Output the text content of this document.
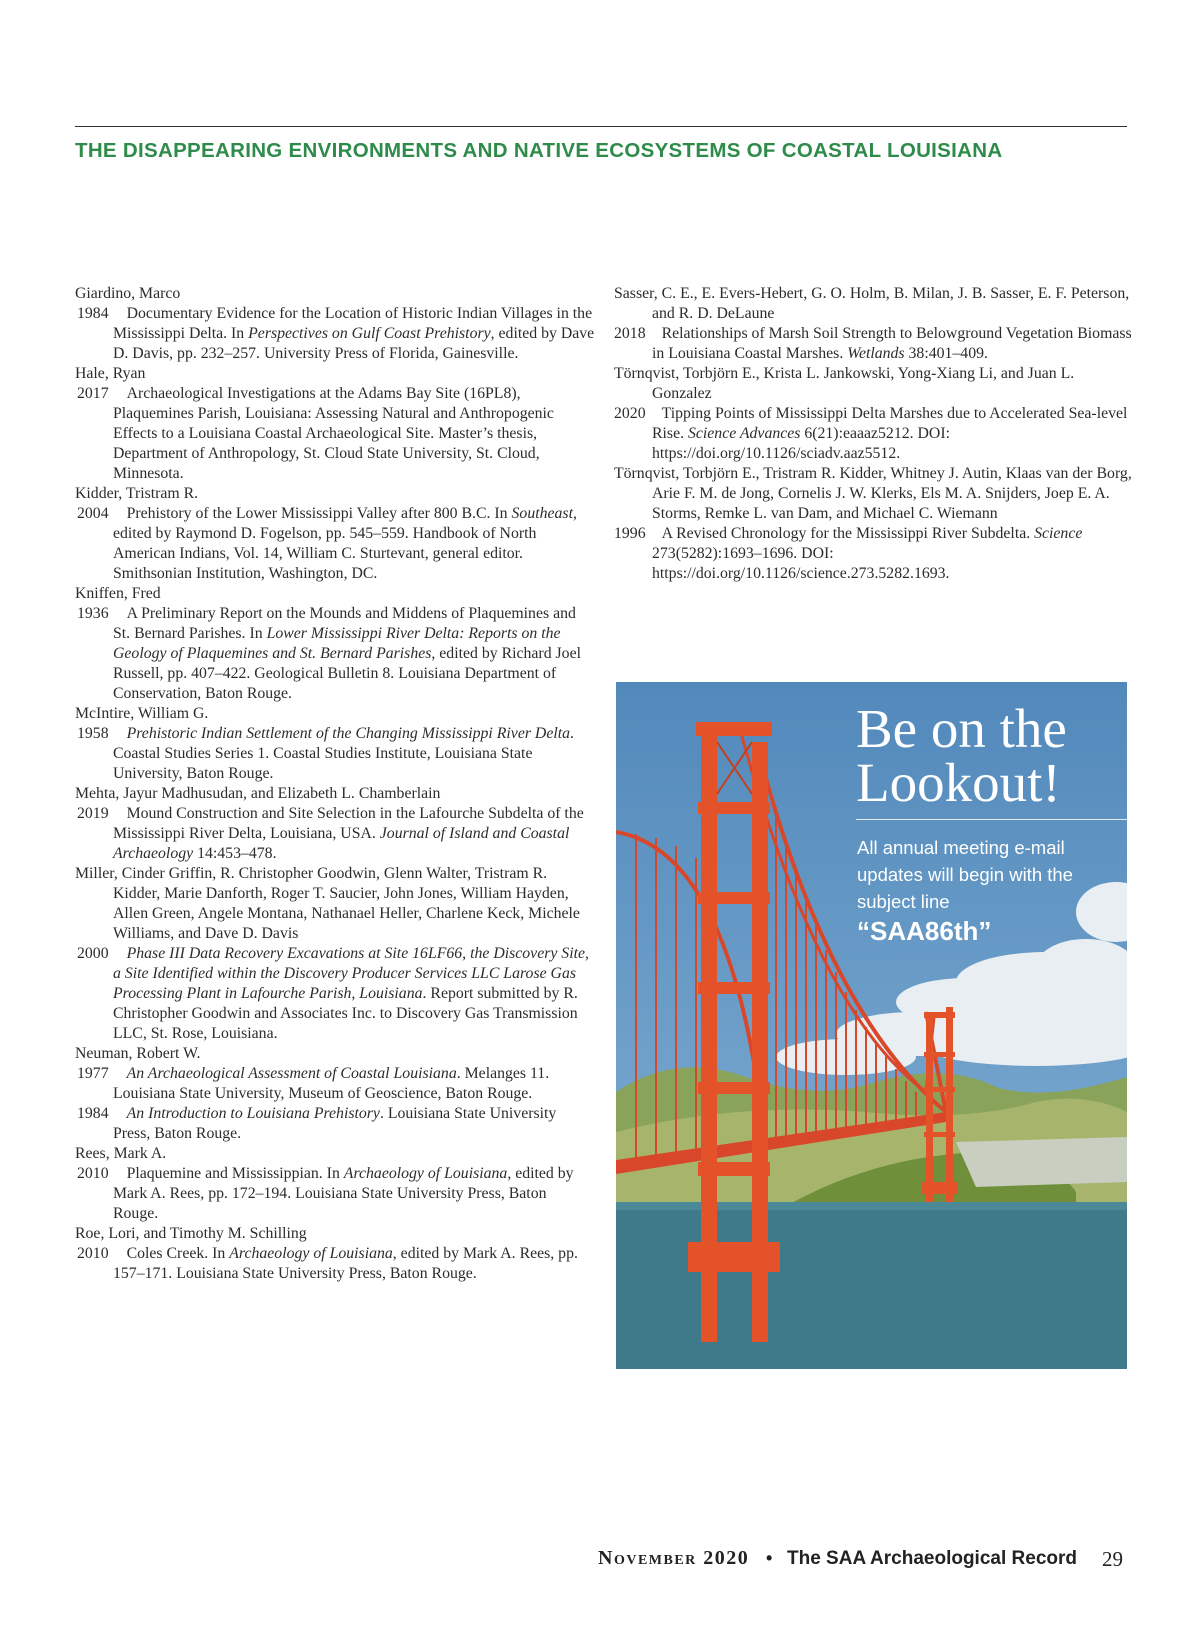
THE DISAPPEARING ENVIRONMENTS AND NATIVE ECOSYSTEMS OF COASTAL LOUISIANA
Giardino, Marco
1984 Documentary Evidence for the Location of Historic Indian Villages in the Mississippi Delta. In Perspectives on Gulf Coast Prehistory, edited by Dave D. Davis, pp. 232–257. University Press of Florida, Gainesville.
Hale, Ryan
2017 Archaeological Investigations at the Adams Bay Site (16PL8), Plaquemines Parish, Louisiana: Assessing Natural and Anthropogenic Effects to a Louisiana Coastal Archaeological Site. Master’s thesis, Department of Anthropology, St. Cloud State University, St. Cloud, Minnesota.
Kidder, Tristram R.
2004 Prehistory of the Lower Mississippi Valley after 800 B.C. In Southeast, edited by Raymond D. Fogelson, pp. 545–559. Handbook of North American Indians, Vol. 14, William C. Sturtevant, general editor. Smithsonian Institution, Washington, DC.
Kniffen, Fred
1936 A Preliminary Report on the Mounds and Middens of Plaquemines and St. Bernard Parishes. In Lower Mississippi River Delta: Reports on the Geology of Plaquemines and St. Bernard Parishes, edited by Richard Joel Russell, pp. 407–422. Geological Bulletin 8. Louisiana Department of Conservation, Baton Rouge.
McIntire, William G.
1958 Prehistoric Indian Settlement of the Changing Mississippi River Delta. Coastal Studies Series 1. Coastal Studies Institute, Louisiana State University, Baton Rouge.
Mehta, Jayur Madhusudan, and Elizabeth L. Chamberlain
2019 Mound Construction and Site Selection in the Lafourche Subdelta of the Mississippi River Delta, Louisiana, USA. Journal of Island and Coastal Archaeology 14:453–478.
Miller, Cinder Griffin, R. Christopher Goodwin, Glenn Walter, Tristram R. Kidder, Marie Danforth, Roger T. Saucier, John Jones, William Hayden, Allen Green, Angele Montana, Nathanael Heller, Charlene Keck, Michele Williams, and Dave D. Davis
2000 Phase III Data Recovery Excavations at Site 16LF66, the Discovery Site, a Site Identified within the Discovery Producer Services LLC Larose Gas Processing Plant in Lafourche Parish, Louisiana. Report submitted by R. Christopher Goodwin and Associates Inc. to Discovery Gas Transmission LLC, St. Rose, Louisiana.
Neuman, Robert W.
1977 An Archaeological Assessment of Coastal Louisiana. Melanges 11. Louisiana State University, Museum of Geoscience, Baton Rouge.
1984 An Introduction to Louisiana Prehistory. Louisiana State University Press, Baton Rouge.
Rees, Mark A.
2010 Plaquemine and Mississippian. In Archaeology of Louisiana, edited by Mark A. Rees, pp. 172–194. Louisiana State University Press, Baton Rouge.
Roe, Lori, and Timothy M. Schilling
2010 Coles Creek. In Archaeology of Louisiana, edited by Mark A. Rees, pp. 157–171. Louisiana State University Press, Baton Rouge.
Sasser, C. E., E. Evers-Hebert, G. O. Holm, B. Milan, J. B. Sasser, E. F. Peterson, and R. D. DeLaune
2018 Relationships of Marsh Soil Strength to Belowground Vegetation Biomass in Louisiana Coastal Marshes. Wetlands 38:401–409.
Törnqvist, Torbjörn E., Krista L. Jankowski, Yong-Xiang Li, and Juan L. Gonzalez
2020 Tipping Points of Mississippi Delta Marshes due to Accelerated Sea-level Rise. Science Advances 6(21):eaaaz5212. DOI: https://doi.org/10.1126/sciadv.aaz5512.
Törnqvist, Torbjörn E., Tristram R. Kidder, Whitney J. Autin, Klaas van der Borg, Arie F. M. de Jong, Cornelis J. W. Klerks, Els M. A. Snijders, Joep E. A. Storms, Remke L. van Dam, and Michael C. Wiemann
1996 A Revised Chronology for the Mississippi River Subdelta. Science 273(5282):1693–1696. DOI: https://doi.org/10.1126/science.273.5282.1693.
Be on the
Lookout!
All annual meeting e-mail updates will begin with the subject line
“SAA86th”
November 2020 • The SAA Archaeological Record 29
